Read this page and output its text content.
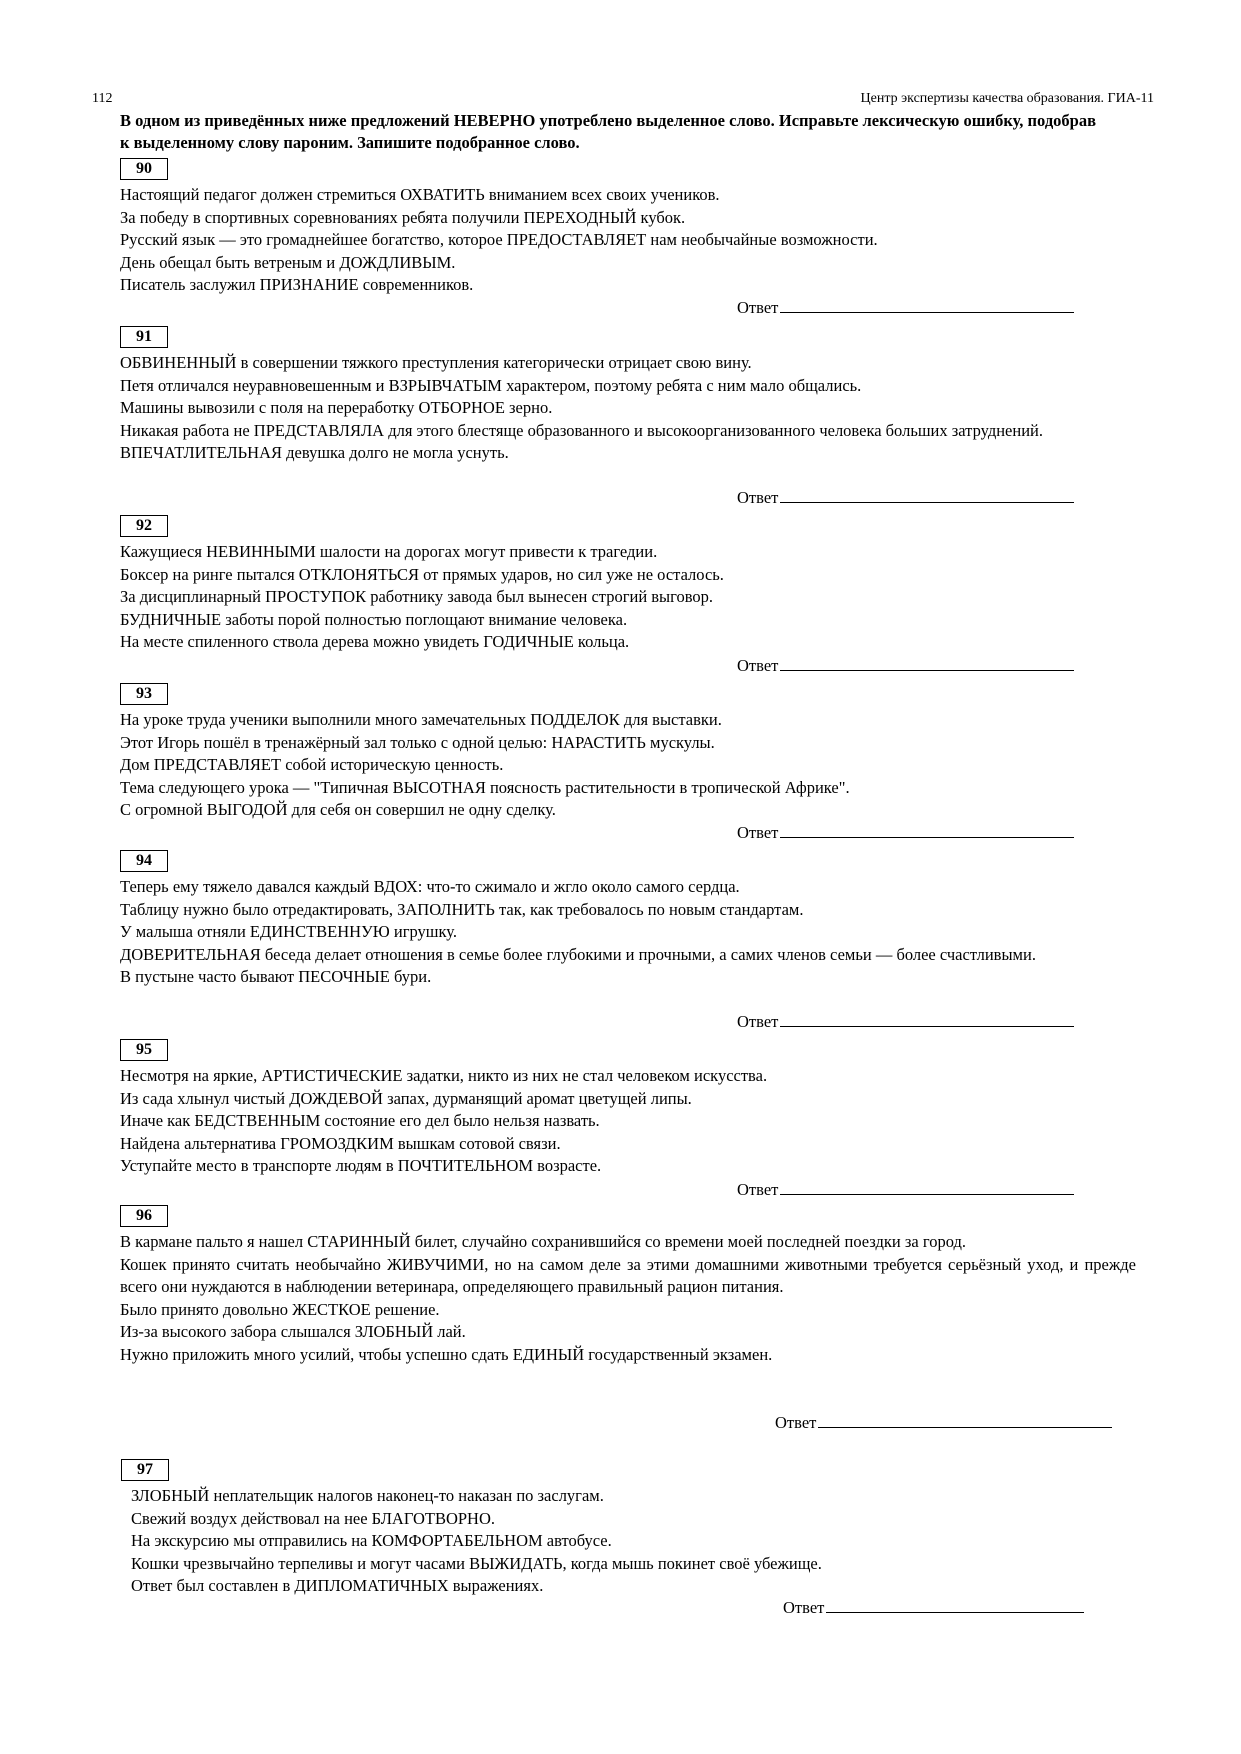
112	Центр экспертизы качества образования. ГИА-11
В одном из приведённых ниже предложений НЕВЕРНО употреблено выделенное слово. Исправьте лексическую ошибку, подобрав к выделенному слову пароним. Запишите подобранное слово.
90

Настоящий педагог должен стремиться ОХВАТИТЬ вниманием всех своих учеников.

За победу в спортивных соревнованиях ребята получили ПЕРЕХОДНЫЙ кубок.

Русский язык — это громаднейшее богатство, которое ПРЕДОСТАВЛЯЕТ нам необычайные возможности.

День обещал быть ветреным и ДОЖДЛИВЫМ.

Писатель заслужил ПРИЗНАНИЕ современников.

Ответ
91

ОБВИНЕННЫЙ в совершении тяжкого преступления категорически отрицает свою вину.

Петя отличался неуравновешенным и ВЗРЫВЧАТЫМ характером, поэтому ребята с ним мало общались.

Машины вывозили с поля на переработку ОТБОРНОЕ зерно.

Никакая работа не ПРЕДСТАВЛЯЛА для этого блестяще образованного и высокоорганизованного человека больших затруднений.

ВПЕЧАТЛИТЕЛЬНАЯ девушка долго не могла уснуть.

Ответ
92

Кажущиеся НЕВИННЫМИ шалости на дорогах могут привести к трагедии.

Боксер на ринге пытался ОТКЛОНЯТЬСЯ от прямых ударов, но сил уже не осталось.

За дисциплинарный ПРОСТУПОК работнику завода был вынесен строгий выговор.

БУДНИЧНЫЕ заботы порой полностью поглощают внимание человека.

На месте спиленного ствола дерева можно увидеть ГОДИЧНЫЕ кольца.

Ответ
93

На уроке труда ученики выполнили много замечательных ПОДДЕЛОК для выставки.

Этот Игорь пошёл в тренажёрный зал только с одной целью: НАРАСТИТЬ мускулы.

Дом ПРЕДСТАВЛЯЕТ собой историческую ценность.

Тема следующего урока — "Типичная ВЫСОТНАЯ поясность растительности в тропической Африке".

С огромной ВЫГОДОЙ для себя он совершил не одну сделку.

Ответ
94

Теперь ему тяжело давался каждый ВДОХ: что-то сжимало и жгло около самого сердца.

Таблицу нужно было отредактировать, ЗАПОЛНИТЬ так, как требовалось по новым стандартам.

У малыша отняли ЕДИНСТВЕННУЮ игрушку.

ДОВЕРИТЕЛЬНАЯ беседа делает отношения в семье более глубокими и прочными, а самих членов семьи — более счастливыми.

В пустыне часто бывают ПЕСОЧНЫЕ бури.

Ответ
95

Несмотря на яркие, АРТИСТИЧЕСКИЕ задатки, никто из них не стал человеком искусства.

Из сада хлынул чистый ДОЖДЕВОЙ запах, дурманящий аромат цветущей липы.

Иначе как БЕДСТВЕННЫМ состояние его дел было нельзя назвать.

Найдена альтернатива ГРОМОЗДКИМ вышкам сотовой связи.

Уступайте место в транспорте людям в ПОЧТИТЕЛЬНОМ возрасте.

Ответ
96

В кармане пальто я нашел СТАРИННЫЙ билет, случайно сохранившийся со времени моей последней поездки за город.

Кошек принято считать необычайно ЖИВУЧИМИ, но на самом деле за этими домашними животными требуется серьёзный уход, и прежде всего они нуждаются в наблюдении ветеринара, определяющего правильный рацион питания.

Было принято довольно ЖЕСТКОЕ решение.

Из-за высокого забора слышался ЗЛОБНЫЙ лай.

Нужно приложить много усилий, чтобы успешно сдать ЕДИНЫЙ государственный экзамен.

Ответ
97

ЗЛОБНЫЙ неплательщик налогов наконец-то наказан по заслугам.

Свежий воздух действовал на нее БЛАГОТВОРНО.

На экскурсию мы отправились на КОМФОРТАБЕЛЬНОМ автобусе.

Кошки чрезвычайно терпеливы и могут часами ВЫЖИДАТЬ, когда мышь покинет своё убежище.

Ответ был составлен в ДИПЛОМАТИЧНЫХ выражениях.

Ответ
